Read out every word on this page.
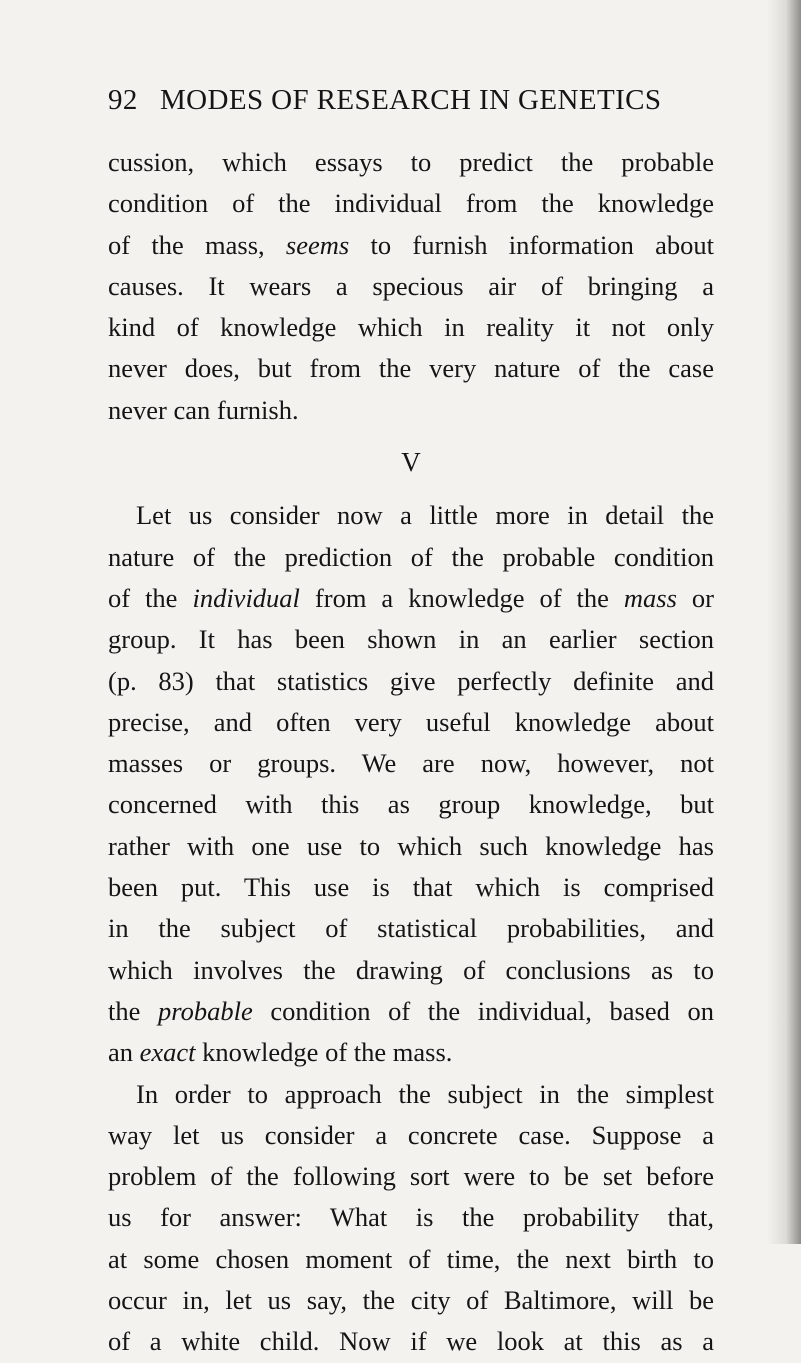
92 MODES OF RESEARCH IN GENETICS
cussion, which essays to predict the probable
condition of the individual from the knowledge
of the mass, seems to furnish information about
causes. It wears a specious air of bringing a
kind of knowledge which in reality it not only
never does, but from the very nature of the case
never can furnish.
V
Let us consider now a little more in detail the
nature of the prediction of the probable condition
of the individual from a knowledge of the mass or
group. It has been shown in an earlier section
(p. 83) that statistics give perfectly definite and
precise, and often very useful knowledge about
masses or groups. We are now, however, not
concerned with this as group knowledge, but
rather with one use to which such knowledge has
been put. This use is that which is comprised
in the subject of statistical probabilities, and
which involves the drawing of conclusions as to
the probable condition of the individual, based on
an exact knowledge of the mass.
In order to approach the subject in the simplest
way let us consider a concrete case. Suppose a
problem of the following sort were to be set before
us for answer: What is the probability that,
at some chosen moment of time, the next birth to
occur in, let us say, the city of Baltimore, will be
of a white child. Now if we look at this as a
